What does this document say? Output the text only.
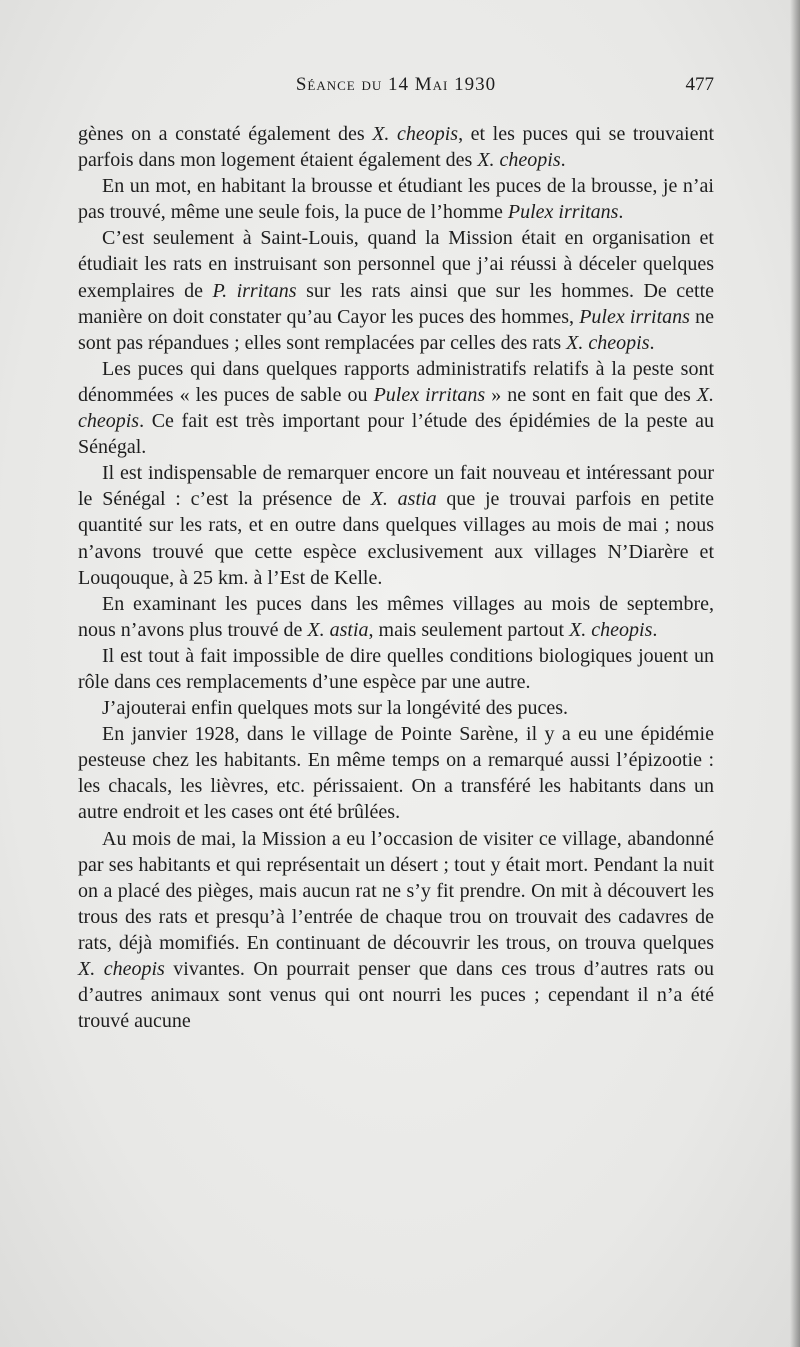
Séance du 14 Mai 1930	477

gènes on a constaté également des X. cheopis, et les puces qui se trouvaient parfois dans mon logement étaient également des X. cheopis.

En un mot, en habitant la brousse et étudiant les puces de la brousse, je n’ai pas trouvé, même une seule fois, la puce de l’homme Pulex irritans.

C’est seulement à Saint-Louis, quand la Mission était en organisation et étudiait les rats en instruisant son personnel que j’ai réussi à déceler quelques exemplaires de P. irritans sur les rats ainsi que sur les hommes. De cette manière on doit constater qu’au Cayor les puces des hommes, Pulex irritans ne sont pas répandues ; elles sont remplacées par celles des rats X. cheopis.

Les puces qui dans quelques rapports administratifs relatifs à la peste sont dénommées « les puces de sable ou Pulex irritans » ne sont en fait que des X. cheopis. Ce fait est très important pour l’étude des épidémies de la peste au Sénégal.

Il est indispensable de remarquer encore un fait nouveau et intéressant pour le Sénégal : c’est la présence de X. astia que je trouvai parfois en petite quantité sur les rats, et en outre dans quelques villages au mois de mai ; nous n’avons trouvé que cette espèce exclusivement aux villages N’Diarère et Louqouque, à 25 km. à l’Est de Kelle.

En examinant les puces dans les mêmes villages au mois de septembre, nous n’avons plus trouvé de X. astia, mais seulement partout X. cheopis.

Il est tout à fait impossible de dire quelles conditions biologiques jouent un rôle dans ces remplacements d’une espèce par une autre.

J’ajouterai enfin quelques mots sur la longévité des puces.

En janvier 1928, dans le village de Pointe Sarène, il y a eu une épidémie pesteuse chez les habitants. En même temps on a remarqué aussi l’épizootie : les chacals, les lièvres, etc. périssaient. On a transféré les habitants dans un autre endroit et les cases ont été brûlées.

Au mois de mai, la Mission a eu l’occasion de visiter ce village, abandonné par ses habitants et qui représentait un désert ; tout y était mort. Pendant la nuit on a placé des pièges, mais aucun rat ne s’y fit prendre. On mit à découvert les trous des rats et presqu’à l’entrée de chaque trou on trouvait des cadavres de rats, déjà momifiés. En continuant de découvrir les trous, on trouva quelques X. cheopis vivantes. On pourrait penser que dans ces trous d’autres rats ou d’autres animaux sont venus qui ont nourri les puces ; cependant il n’a été trouvé aucune
